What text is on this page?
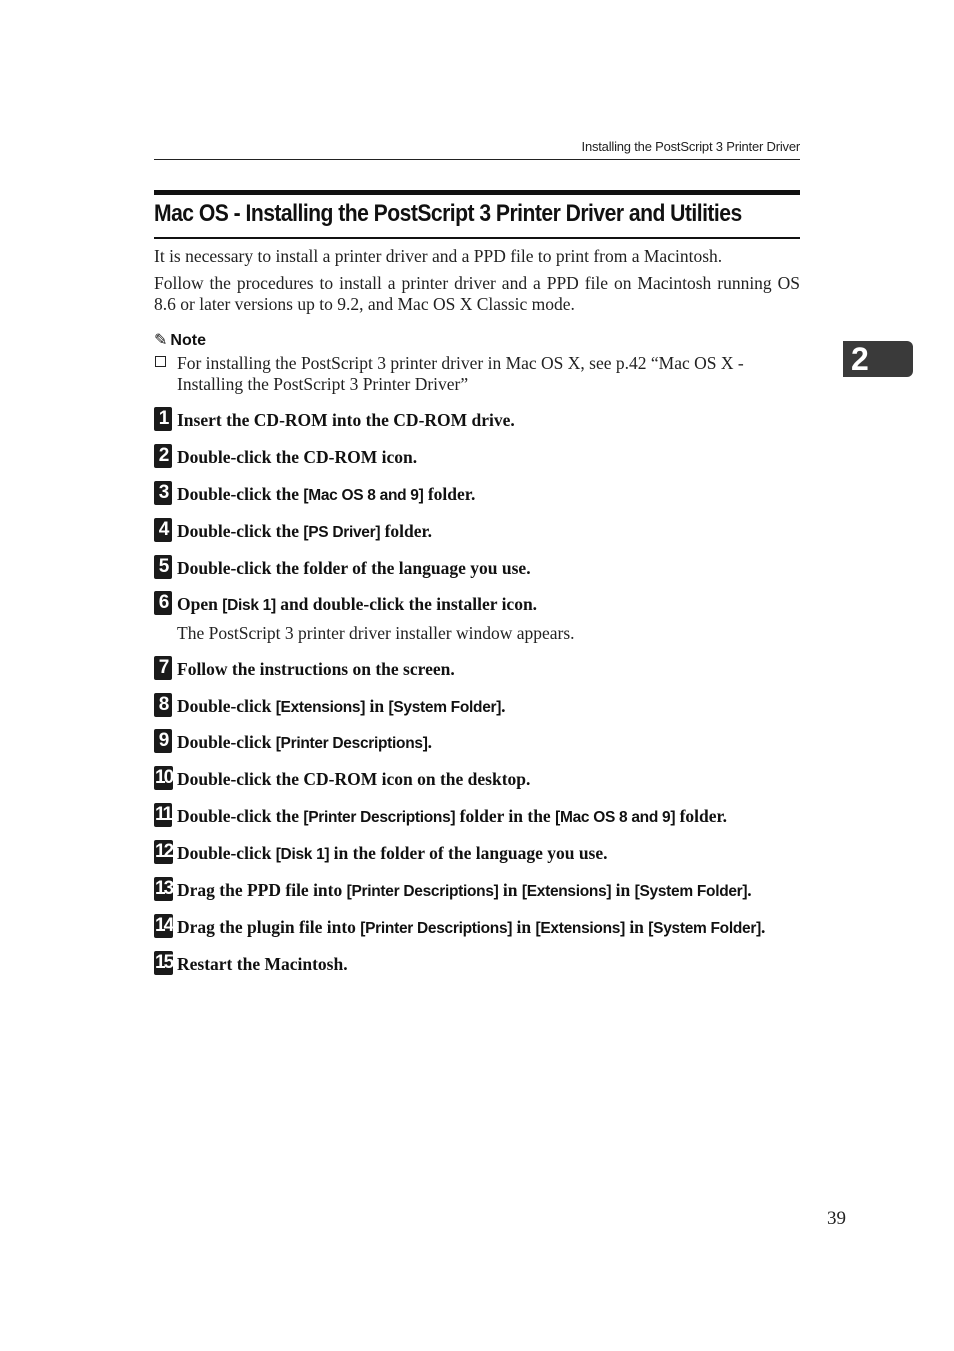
Installing the PostScript 3 Printer Driver
2
Mac OS - Installing the PostScript 3 Printer Driver and Utilities
It is necessary to install a printer driver and a PPD file to print from a Macintosh.
Follow the procedures to install a printer driver and a PPD file on Macintosh running OS 8.6 or later versions up to 9.2, and Mac OS X Classic mode.
✎ Note
For installing the PostScript 3 printer driver in Mac OS X, see p.42 “Mac OS X - Installing the PostScript 3 Printer Driver”
1 Insert the CD-ROM into the CD-ROM drive.
2 Double-click the CD-ROM icon.
3 Double-click the [Mac OS 8 and 9] folder.
4 Double-click the [PS Driver] folder.
5 Double-click the folder of the language you use.
6 Open [Disk 1] and double-click the installer icon.
7 Follow the instructions on the screen.
8 Double-click [Extensions] in [System Folder].
9 Double-click [Printer Descriptions].
10 Double-click the CD-ROM icon on the desktop.
11 Double-click the [Printer Descriptions] folder in the [Mac OS 8 and 9] folder.
12 Double-click [Disk 1] in the folder of the language you use.
13 Drag the PPD file into [Printer Descriptions] in [Extensions] in [System Folder].
14 Drag the plugin file into [Printer Descriptions] in [Extensions] in [System Folder].
15 Restart the Macintosh.
The PostScript 3 printer driver installer window appears.
39
